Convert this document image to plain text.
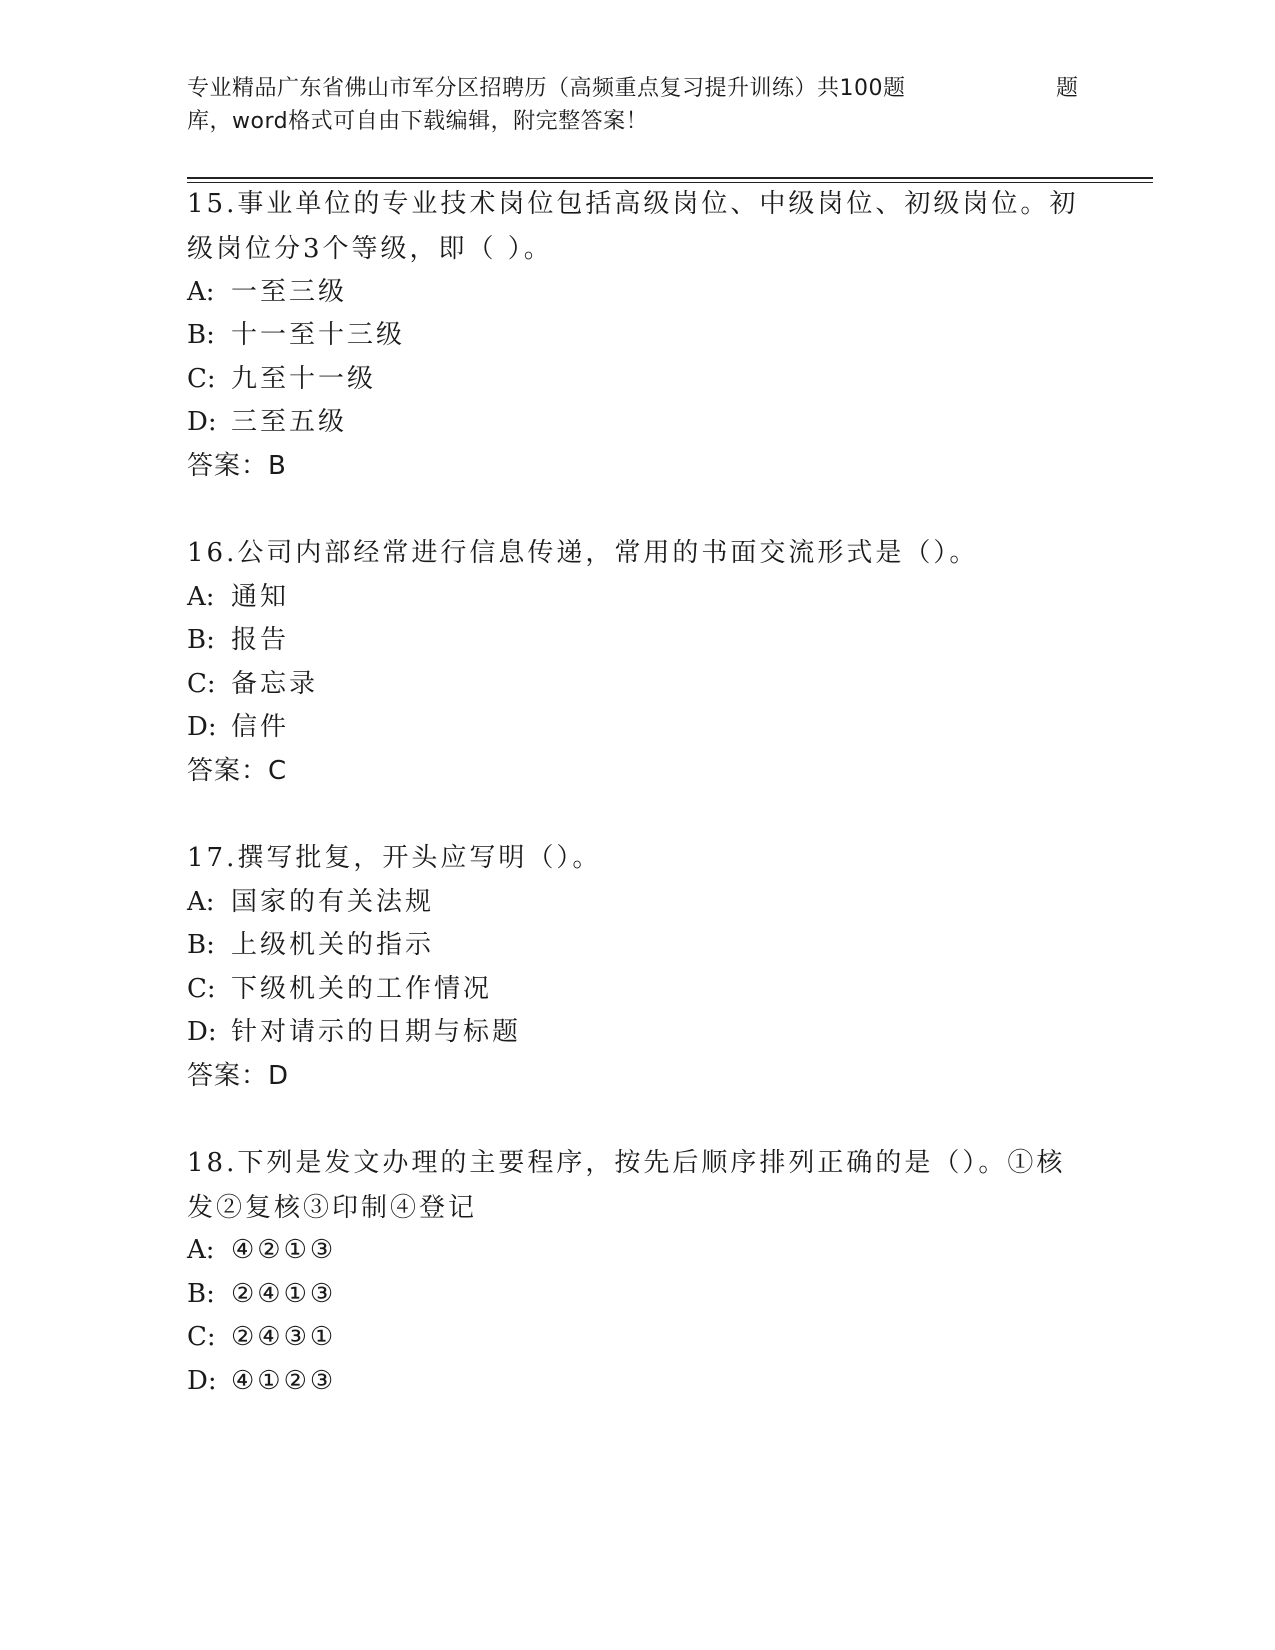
专业精品广东省佛山市军分区招聘历（高频重点复习提升训练）共100题	题
库，word格式可自由下载编辑，附完整答案！
15.事业单位的专业技术岗位包括高级岗位、中级岗位、初级岗位。初级岗位分3个等级，即（ ）。
A: 一至三级
B: 十一至十三级
C: 九至十一级
D: 三至五级
答案：B
16.公司内部经常进行信息传递，常用的书面交流形式是（）。
A: 通知
B: 报告
C: 备忘录
D: 信件
答案：C
17.撰写批复，开头应写明（）。
A: 国家的有关法规
B: 上级机关的指示
C: 下级机关的工作情况
D: 针对请示的日期与标题
答案：D
18.下列是发文办理的主要程序，按先后顺序排列正确的是（）。①核发②复核③印制④登记
A: ④②①③
B: ②④①③
C: ②④③①
D: ④①②③
